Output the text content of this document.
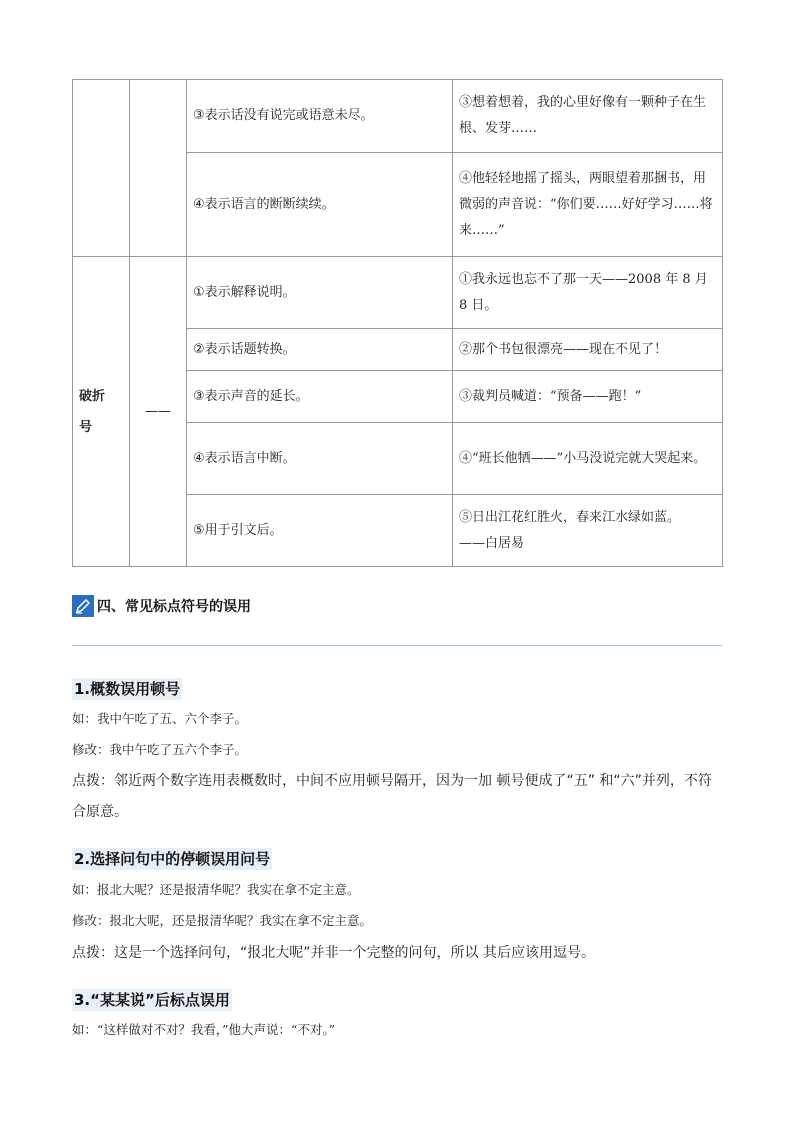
		③表示话没有说完或语意未尽。	③想着想着，我的心里好像有一颗种子在生根、发芽……
		④表示语言的断断续续。	④他轻轻地摇了摇头，两眼望着那捆书，用微弱的声音说：“你们要……好好学习……将来……”

破折号	——	①表示解释说明。	①我永远也忘不了那一天——2008 年 8 月 8 日。
		②表示话题转换。	②那个书包很漂亮——现在不见了！
		③表示声音的延长。	③裁判员喊道：“预备——跑！”
		④表示语言中断。	④“班长他牺——”小马没说完就大哭起来。
		⑤用于引文后。	⑤日出江花红胜火，春来江水绿如蓝。
——白居易
四、常见标点符号的误用
1.概数误用顿号
如：我中午吃了五、六个李子。
修改：我中午吃了五六个李子。
点拨：邻近两个数字连用表概数时，中间不应用顿号隔开，因为一加 顿号便成了“五” 和“六”并列，不符
合原意。
2.选择问句中的停顿误用问号
如：报北大呢？还是报清华呢？我实在拿不定主意。
修改：报北大呢，还是报清华呢？我实在拿不定主意。
点拨：这是一个选择问句，“报北大呢”并非一个完整的问句，所以 其后应该用逗号。
3.“某某说”后标点误用
如：“这样做对不对？我看，”他大声说：“不对。”
